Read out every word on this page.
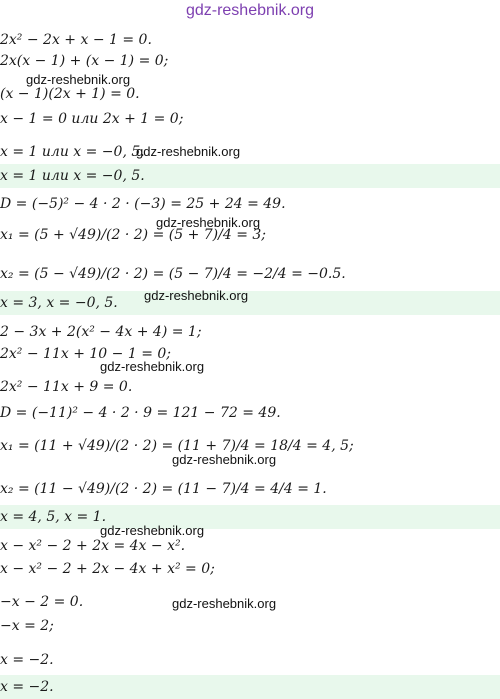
gdz-reshebnik.org
2x² − 2x + x − 1 = 0.
2x(x − 1) + (x − 1) = 0;
(x − 1)(2x + 1) = 0.
x − 1 = 0 или 2x + 1 = 0;
x = 1 или x = −0, 5.
x = 1 или x = −0, 5.
D = (−5)² − 4 · 2 · (−3) = 25 + 24 = 49.
x₁ = (5 + √49)/(2 · 2) = (5 + 7)/4 = 3;
x₂ = (5 − √49)/(2 · 2) = (5 − 7)/4 = −2/4 = −0.5.
x = 3, x = −0, 5.
2 − 3x + 2(x² − 4x + 4) = 1;
2x² − 11x + 10 − 1 = 0;
2x² − 11x + 9 = 0.
D = (−11)² − 4 · 2 · 9 = 121 − 72 = 49.
x₁ = (11 + √49)/(2 · 2) = (11 + 7)/4 = 18/4 = 4, 5;
x₂ = (11 − √49)/(2 · 2) = (11 − 7)/4 = 4/4 = 1.
x = 4, 5, x = 1.
x − x² − 2 + 2x = 4x − x².
x − x² − 2 + 2x − 4x + x² = 0;
−x − 2 = 0.
−x = 2;
x = −2.
x = −2.
gdz-reshebnik.org
gdz-reshebnik.org
gdz-reshebnik.org
gdz-reshebnik.org
gdz-reshebnik.org
gdz-reshebnik.org
gdz-reshebnik.org
gdz-reshebnik.org
